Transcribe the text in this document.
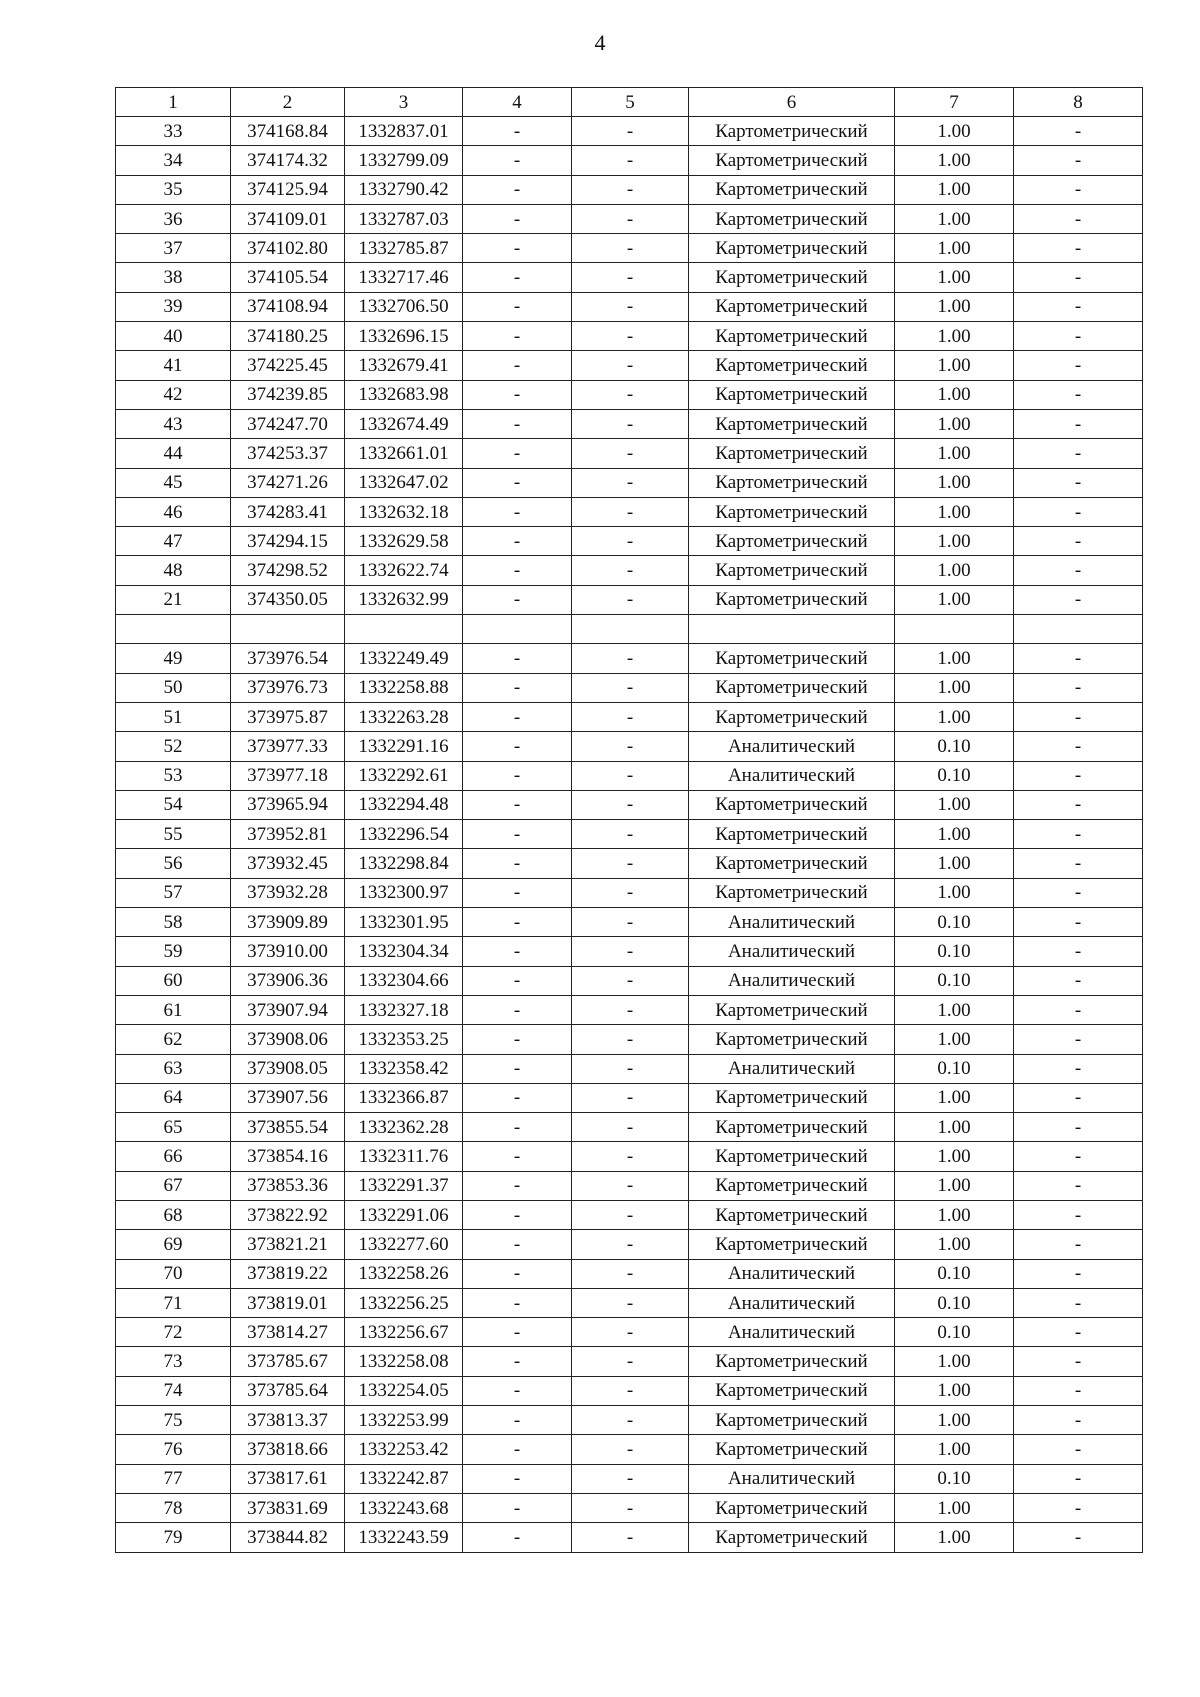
4
1	2	3	4	5	6	7	8
33	374168.84	1332837.01	-	-	Картометрический	1.00	-
34	374174.32	1332799.09	-	-	Картометрический	1.00	-
35	374125.94	1332790.42	-	-	Картометрический	1.00	-
36	374109.01	1332787.03	-	-	Картометрический	1.00	-
37	374102.80	1332785.87	-	-	Картометрический	1.00	-
38	374105.54	1332717.46	-	-	Картометрический	1.00	-
39	374108.94	1332706.50	-	-	Картометрический	1.00	-
40	374180.25	1332696.15	-	-	Картометрический	1.00	-
41	374225.45	1332679.41	-	-	Картометрический	1.00	-
42	374239.85	1332683.98	-	-	Картометрический	1.00	-
43	374247.70	1332674.49	-	-	Картометрический	1.00	-
44	374253.37	1332661.01	-	-	Картометрический	1.00	-
45	374271.26	1332647.02	-	-	Картометрический	1.00	-
46	374283.41	1332632.18	-	-	Картометрический	1.00	-
47	374294.15	1332629.58	-	-	Картометрический	1.00	-
48	374298.52	1332622.74	-	-	Картометрический	1.00	-
21	374350.05	1332632.99	-	-	Картометрический	1.00	-

49	373976.54	1332249.49	-	-	Картометрический	1.00	-
50	373976.73	1332258.88	-	-	Картометрический	1.00	-
51	373975.87	1332263.28	-	-	Картометрический	1.00	-
52	373977.33	1332291.16	-	-	Аналитический	0.10	-
53	373977.18	1332292.61	-	-	Аналитический	0.10	-
54	373965.94	1332294.48	-	-	Картометрический	1.00	-
55	373952.81	1332296.54	-	-	Картометрический	1.00	-
56	373932.45	1332298.84	-	-	Картометрический	1.00	-
57	373932.28	1332300.97	-	-	Картометрический	1.00	-
58	373909.89	1332301.95	-	-	Аналитический	0.10	-
59	373910.00	1332304.34	-	-	Аналитический	0.10	-
60	373906.36	1332304.66	-	-	Аналитический	0.10	-
61	373907.94	1332327.18	-	-	Картометрический	1.00	-
62	373908.06	1332353.25	-	-	Картометрический	1.00	-
63	373908.05	1332358.42	-	-	Аналитический	0.10	-
64	373907.56	1332366.87	-	-	Картометрический	1.00	-
65	373855.54	1332362.28	-	-	Картометрический	1.00	-
66	373854.16	1332311.76	-	-	Картометрический	1.00	-
67	373853.36	1332291.37	-	-	Картометрический	1.00	-
68	373822.92	1332291.06	-	-	Картометрический	1.00	-
69	373821.21	1332277.60	-	-	Картометрический	1.00	-
70	373819.22	1332258.26	-	-	Аналитический	0.10	-
71	373819.01	1332256.25	-	-	Аналитический	0.10	-
72	373814.27	1332256.67	-	-	Аналитический	0.10	-
73	373785.67	1332258.08	-	-	Картометрический	1.00	-
74	373785.64	1332254.05	-	-	Картометрический	1.00	-
75	373813.37	1332253.99	-	-	Картометрический	1.00	-
76	373818.66	1332253.42	-	-	Картометрический	1.00	-
77	373817.61	1332242.87	-	-	Аналитический	0.10	-
78	373831.69	1332243.68	-	-	Картометрический	1.00	-
79	373844.82	1332243.59	-	-	Картометрический	1.00	-
